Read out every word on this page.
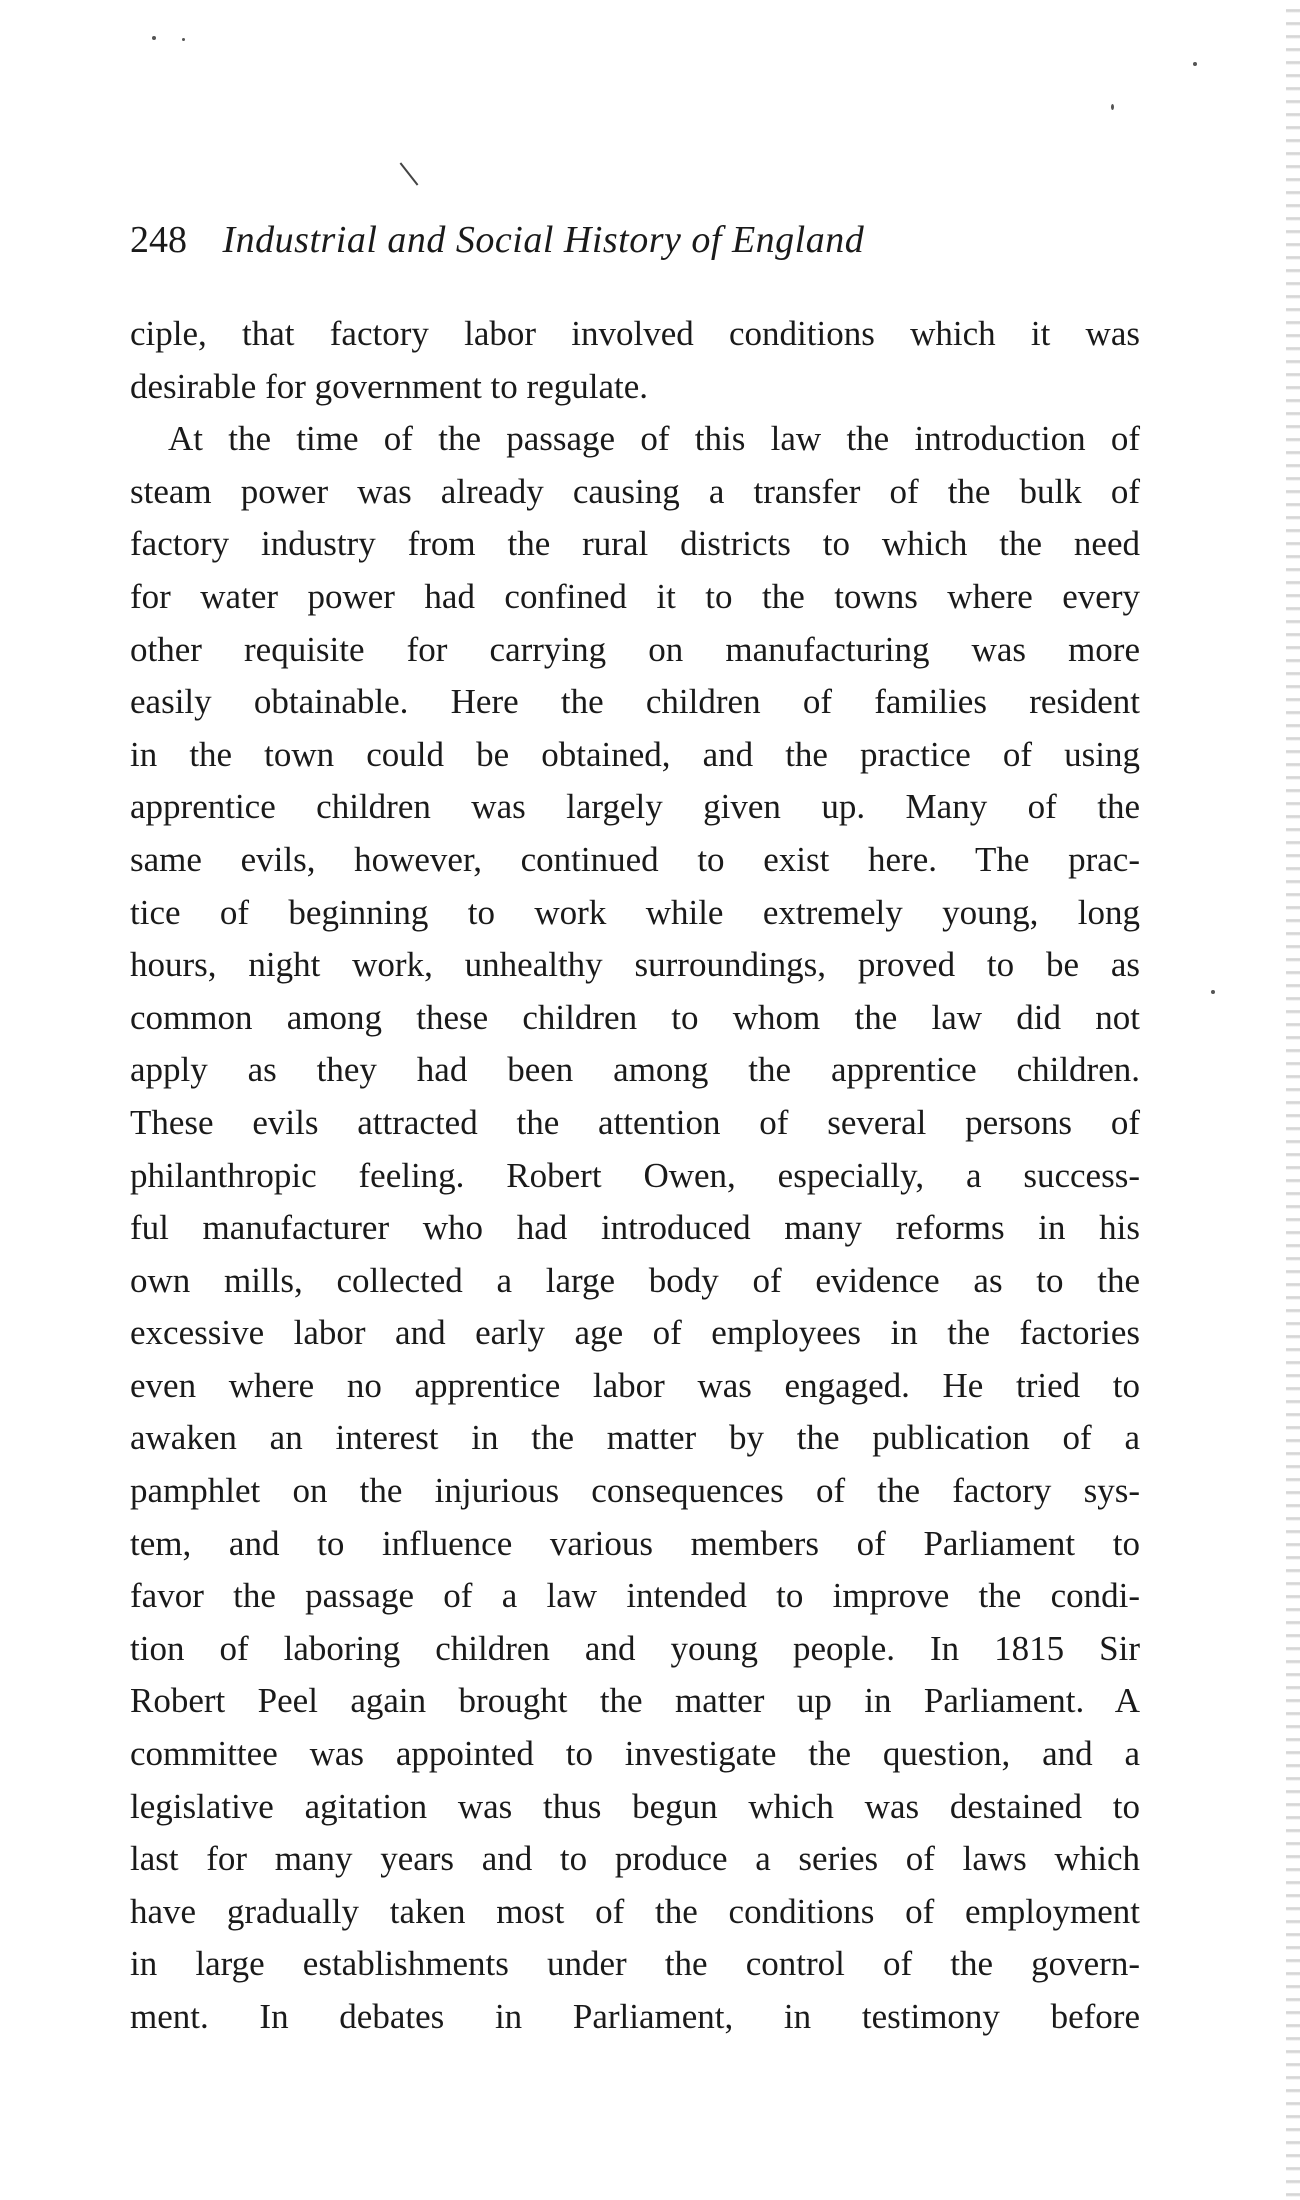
248 Industrial and Social History of England
ciple, that factory labor involved conditions which it was
desirable for government to regulate.
At the time of the passage of this law the introduction of
steam power was already causing a transfer of the bulk of
factory industry from the rural districts to which the need
for water power had confined it to the towns where every
other requisite for carrying on manufacturing was more
easily obtainable. Here the children of families resident
in the town could be obtained, and the practice of using
apprentice children was largely given up. Many of the
same evils, however, continued to exist here. The prac-
tice of beginning to work while extremely young, long
hours, night work, unhealthy surroundings, proved to be as
common among these children to whom the law did not
apply as they had been among the apprentice children.
These evils attracted the attention of several persons of
philanthropic feeling. Robert Owen, especially, a success-
ful manufacturer who had introduced many reforms in his
own mills, collected a large body of evidence as to the
excessive labor and early age of employees in the factories
even where no apprentice labor was engaged. He tried to
awaken an interest in the matter by the publication of a
pamphlet on the injurious consequences of the factory sys-
tem, and to influence various members of Parliament to
favor the passage of a law intended to improve the condi-
tion of laboring children and young people. In 1815 Sir
Robert Peel again brought the matter up in Parliament. A
committee was appointed to investigate the question, and a
legislative agitation was thus begun which was destained to
last for many years and to produce a series of laws which
have gradually taken most of the conditions of employment
in large establishments under the control of the govern-
ment. In debates in Parliament, in testimony before
